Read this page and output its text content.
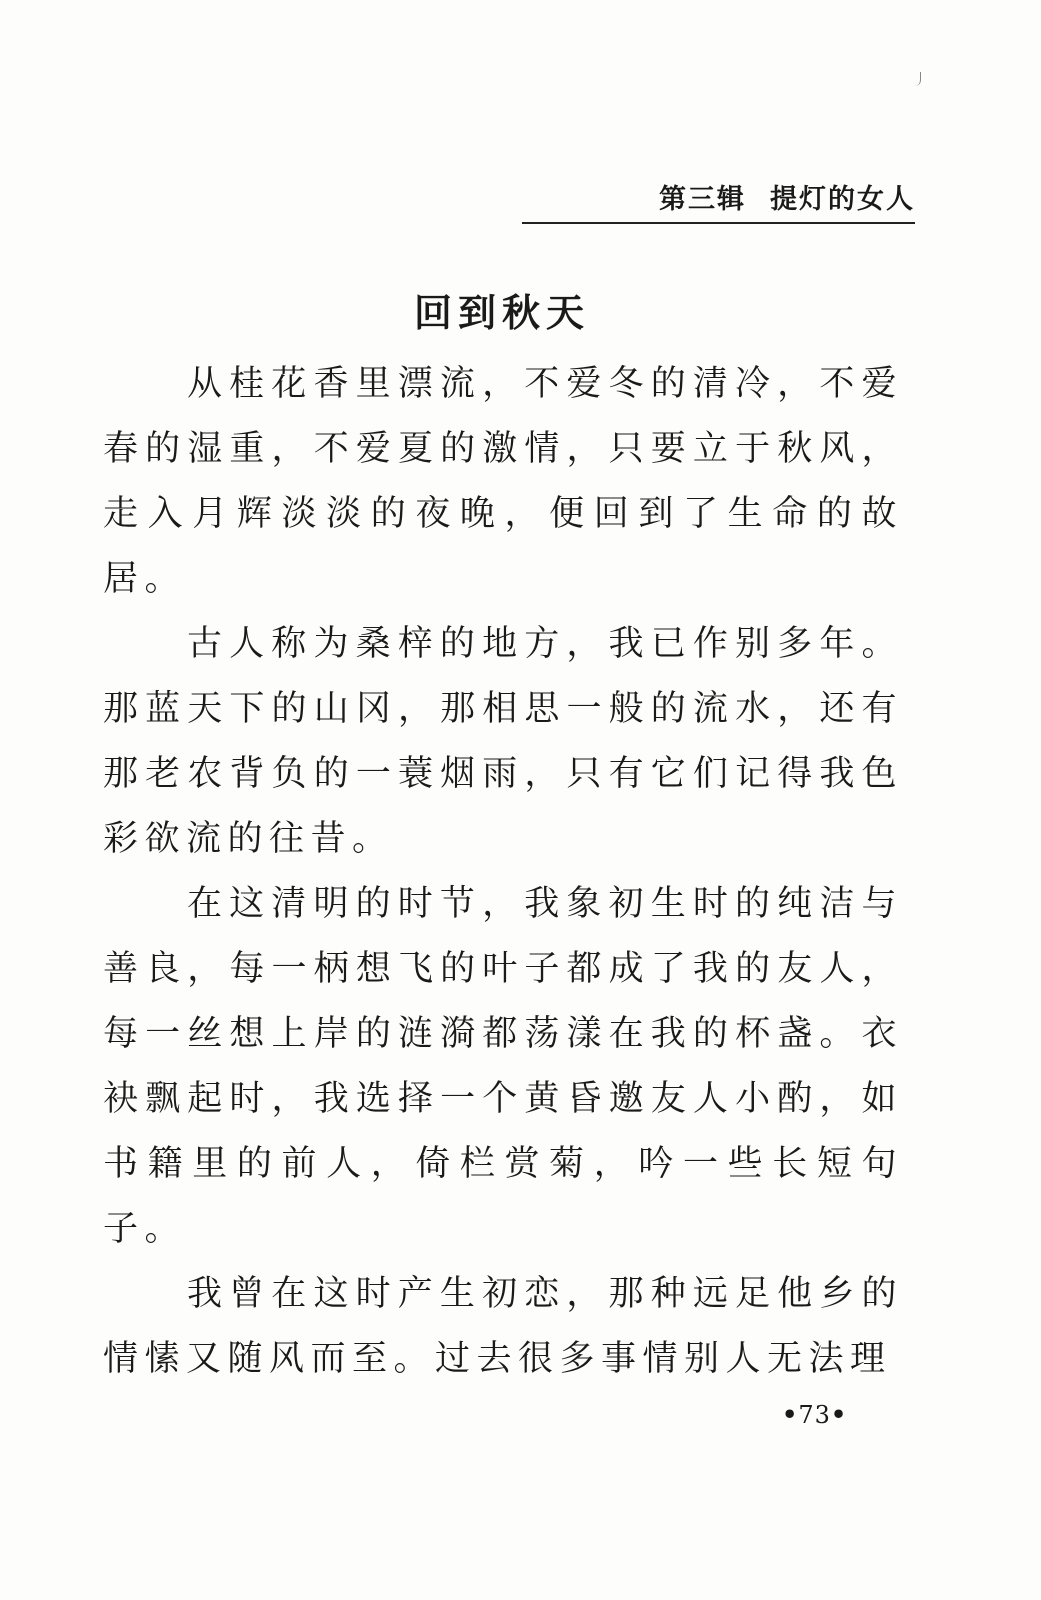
第三辑 提灯的女人
回到秋天

从桂花香里漂流，不爱冬的清冷，不爱春的湿重，不爱夏的激情，只要立于秋风，走入月辉淡淡的夜晚，便回到了生命的故居。

古人称为桑梓的地方，我已作别多年。那蓝天下的山冈，那相思一般的流水，还有那老农背负的一蓑烟雨，只有它们记得我色彩欲流的往昔。

在这清明的时节，我象初生时的纯洁与善良，每一柄想飞的叶子都成了我的友人，每一丝想上岸的涟漪都荡漾在我的杯盏。衣袂飘起时，我选择一个黄昏邀友人小酌，如书籍里的前人，倚栏赏菊，吟一些长短句子。

我曾在这时产生初恋，那种远足他乡的情愫又随风而至。过去很多事情别人无法理

•73•
